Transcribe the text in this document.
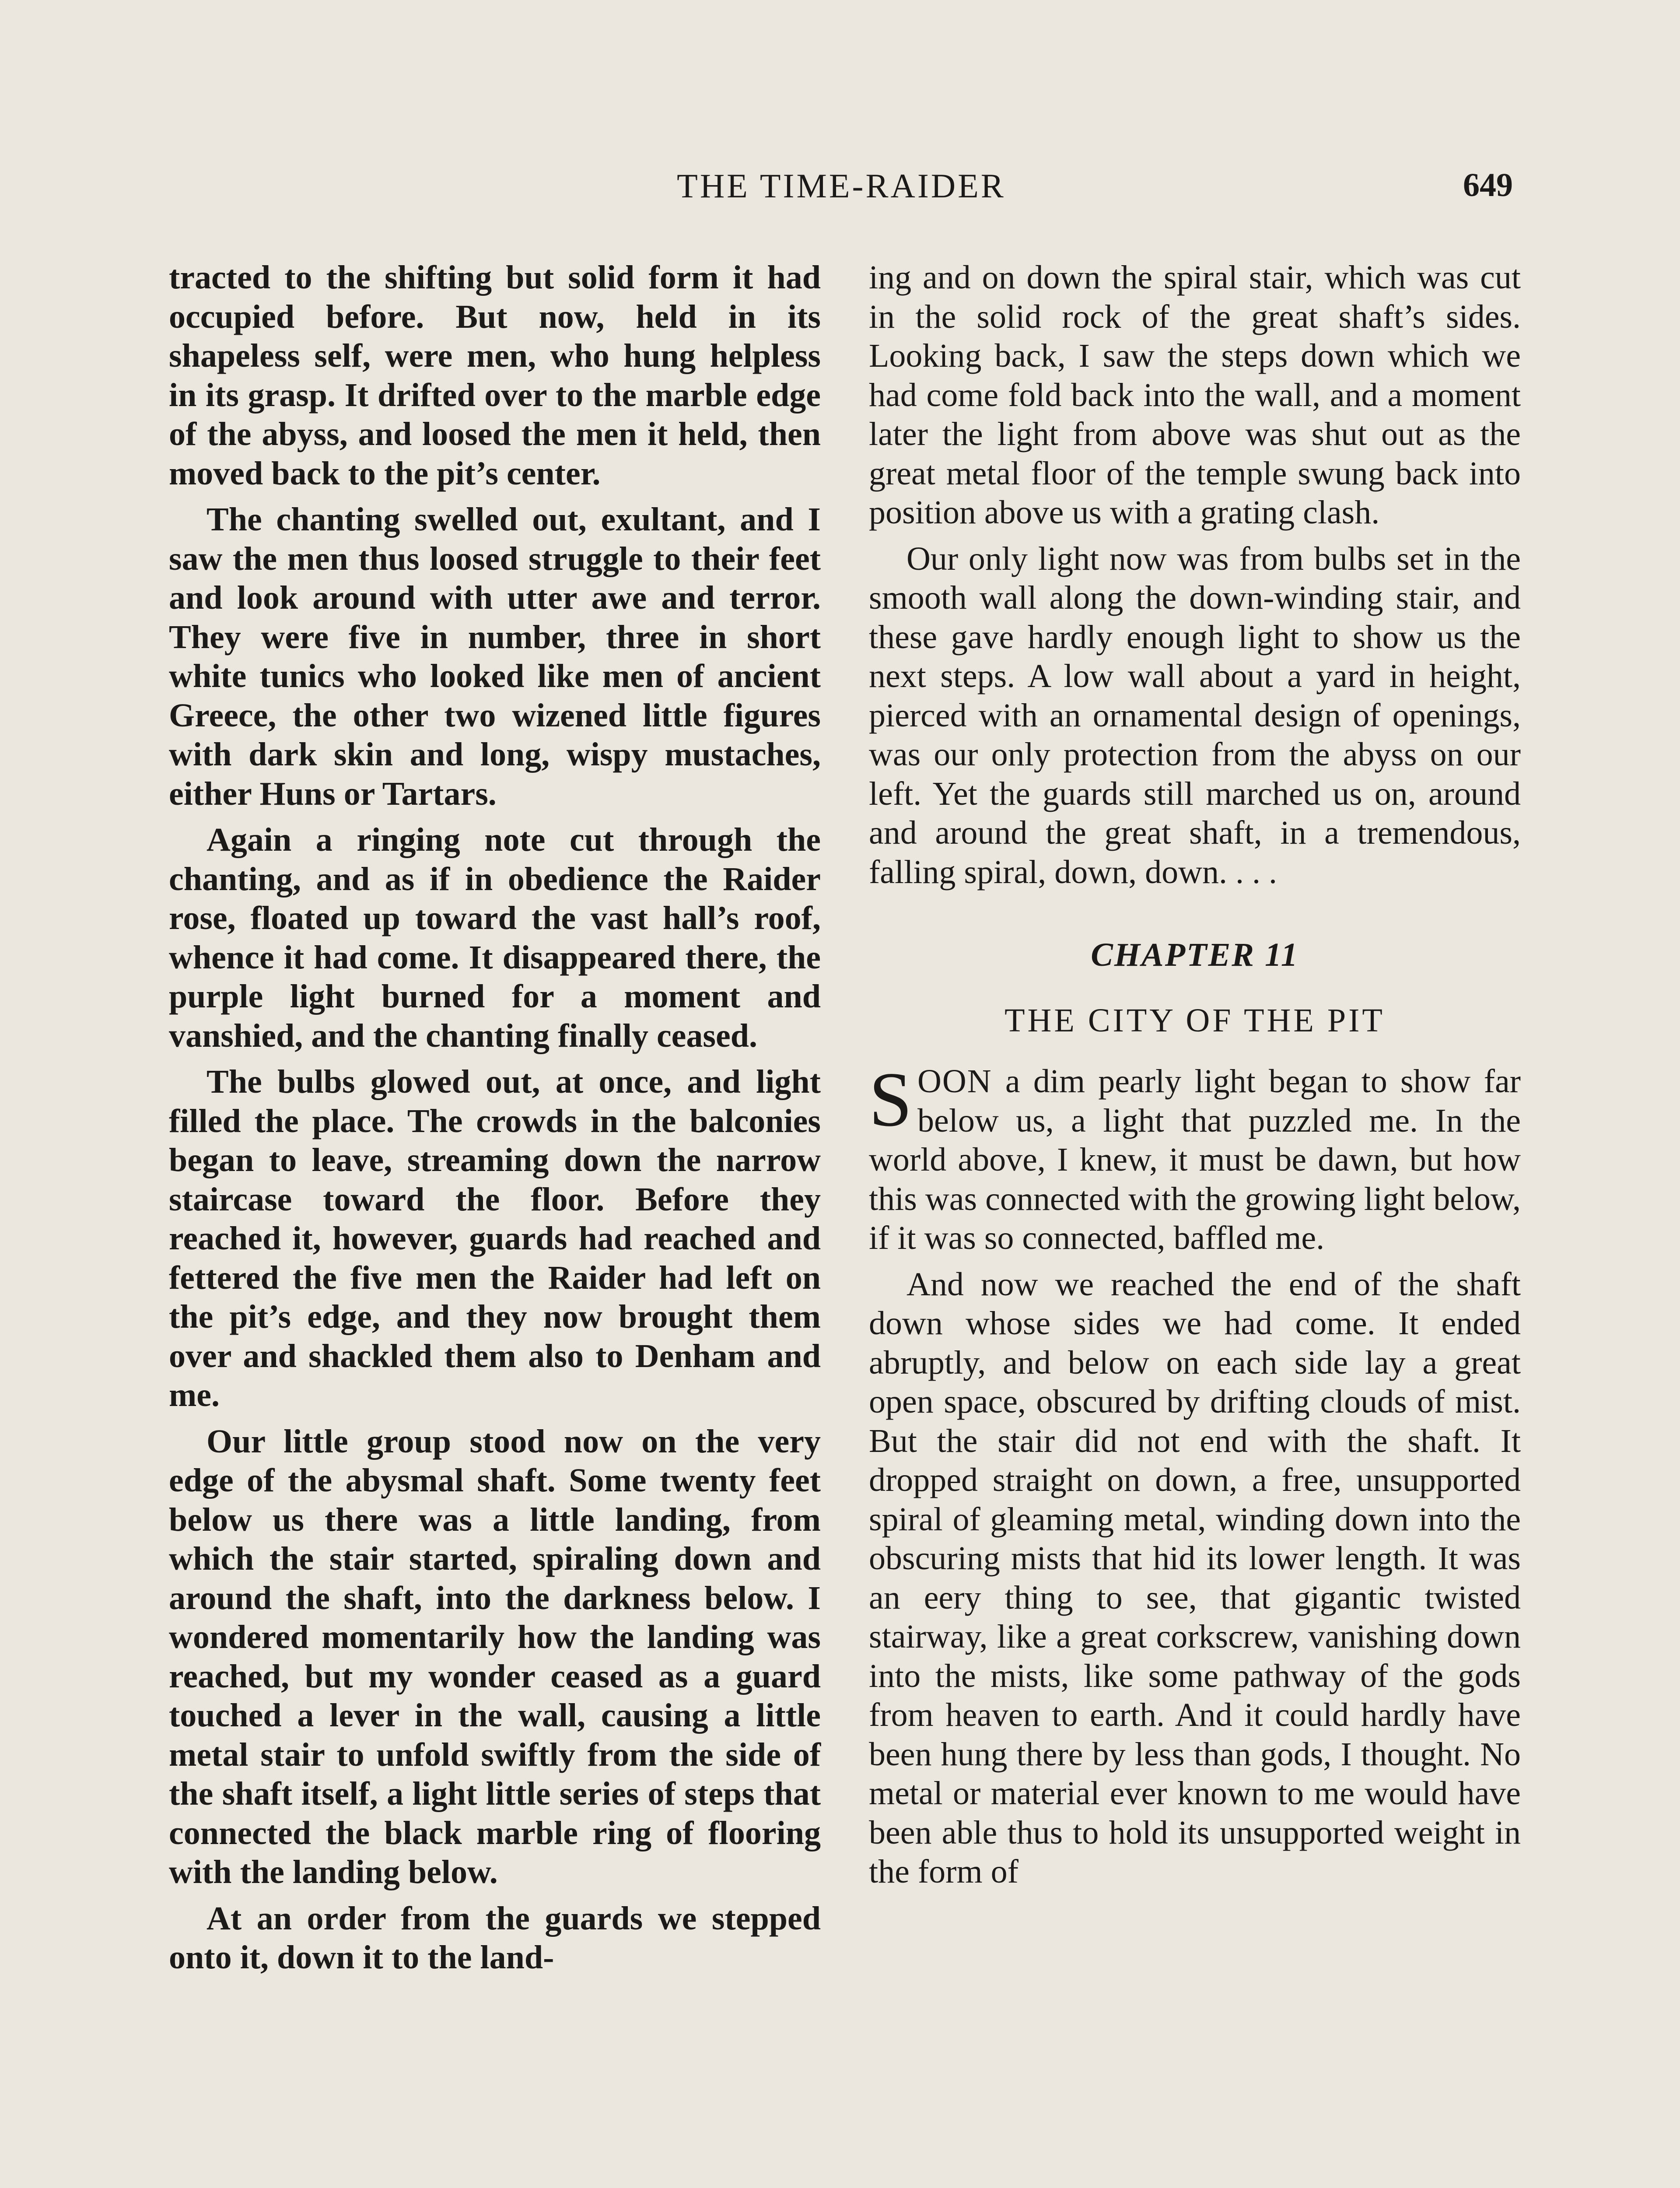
THE TIME-RAIDER	649

tracted to the shifting but solid form it had occupied before. But now, held in its shapeless self, were men, who hung helpless in its grasp. It drifted over to the marble edge of the abyss, and loosed the men it held, then moved back to the pit’s center.

The chanting swelled out, exultant, and I saw the men thus loosed struggle to their feet and look around with utter awe and terror. They were five in number, three in short white tunics who looked like men of ancient Greece, the other two wizened little figures with dark skin and long, wispy mustaches, either Huns or Tartars.

Again a ringing note cut through the chanting, and as if in obedience the Raider rose, floated up toward the vast hall’s roof, whence it had come. It disappeared there, the purple light burned for a moment and vanshied, and the chanting finally ceased.

The bulbs glowed out, at once, and light filled the place. The crowds in the balconies began to leave, streaming down the narrow staircase toward the floor. Before they reached it, however, guards had reached and fettered the five men the Raider had left on the pit’s edge, and they now brought them over and shackled them also to Denham and me.

Our little group stood now on the very edge of the abysmal shaft. Some twenty feet below us there was a little landing, from which the stair started, spiraling down and around the shaft, into the darkness below. I wondered momentarily how the landing was reached, but my wonder ceased as a guard touched a lever in the wall, causing a little metal stair to unfold swiftly from the side of the shaft itself, a light little series of steps that connected the black marble ring of flooring with the landing below.

At an order from the guards we stepped onto it, down it to the land-

ing and on down the spiral stair, which was cut in the solid rock of the great shaft’s sides. Looking back, I saw the steps down which we had come fold back into the wall, and a moment later the light from above was shut out as the great metal floor of the temple swung back into position above us with a grating clash.

Our only light now was from bulbs set in the smooth wall along the down-winding stair, and these gave hardly enough light to show us the next steps. A low wall about a yard in height, pierced with an ornamental design of openings, was our only protection from the abyss on our left. Yet the guards still marched us on, around and around the great shaft, in a tremendous, falling spiral, down, down. . . .

CHAPTER 11
THE CITY OF THE PIT

SOON a dim pearly light began to show far below us, a light that puzzled me. In the world above, I knew, it must be dawn, but how this was connected with the growing light below, if it was so connected, baffled me.

And now we reached the end of the shaft down whose sides we had come. It ended abruptly, and below on each side lay a great open space, obscured by drifting clouds of mist. But the stair did not end with the shaft. It dropped straight on down, a free, unsupported spiral of gleaming metal, winding down into the obscuring mists that hid its lower length. It was an eery thing to see, that gigantic twisted stairway, like a great corkscrew, vanishing down into the mists, like some pathway of the gods from heaven to earth. And it could hardly have been hung there by less than gods, I thought. No metal or material ever known to me would have been able thus to hold its unsupported weight in the form of
